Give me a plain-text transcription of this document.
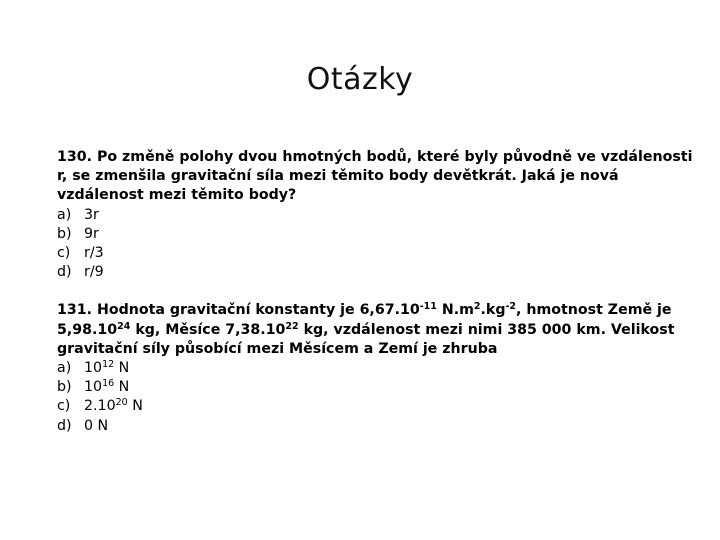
Otázky
130. Po změně polohy dvou hmotných bodů, které byly původně ve vzdálenosti r, se zmenšila gravitační síla mezi těmito body devětkrát. Jaká je nová vzdálenost mezi těmito body?
a) 3r
b) 9r
c) r/3
d) r/9
131. Hodnota gravitační konstanty je $6,67.10^{-11}$ $N.m^2.kg^{-2}$, hmotnost Země je 5,98.10$^{24}$ kg, Měsíce 7,38.10$^{22}$ kg, vzdálenost mezi nimi 385 000 km. Velikost gravitační síly působící mezi Měsícem a Zemí je zhruba
a) $10^{12}$ N
b) $10^{16}$ N
c) 2.10$^{20}$ N
d) 0 N
